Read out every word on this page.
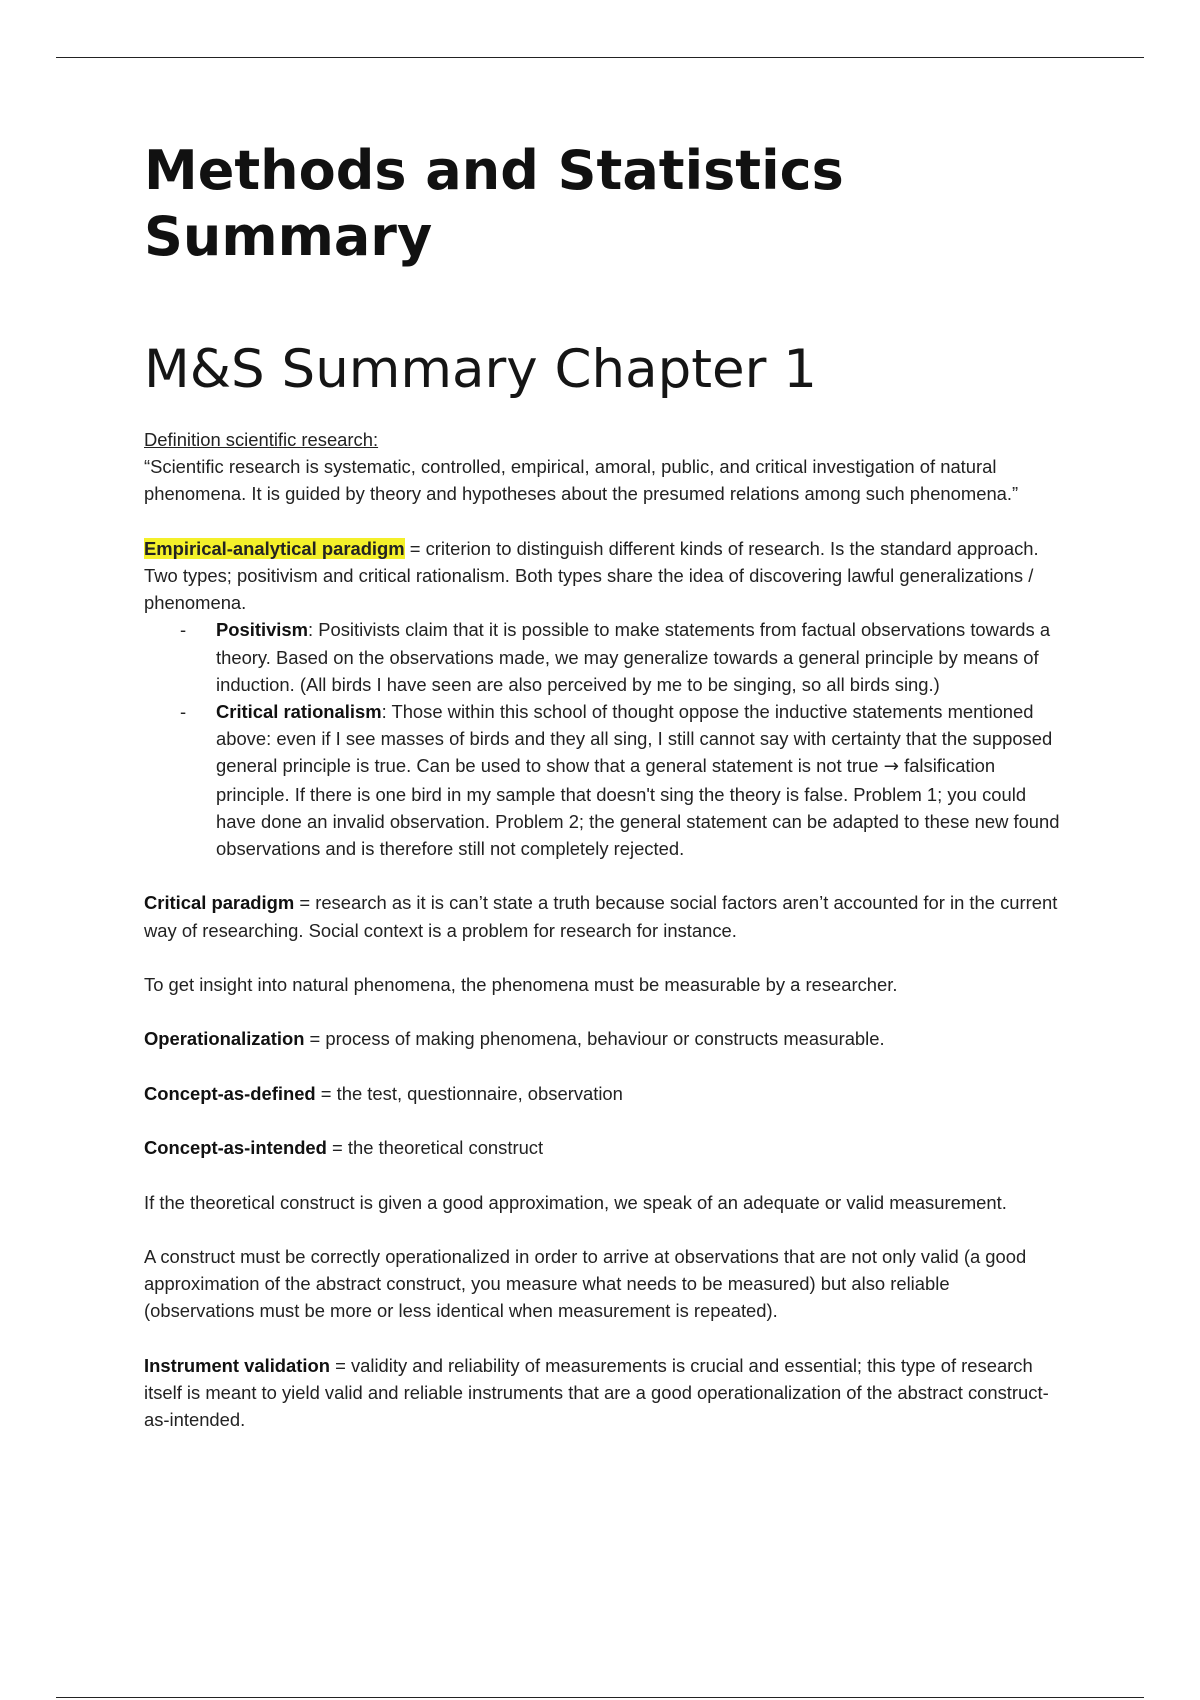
Methods and Statistics Summary
M&S Summary Chapter 1

Definition scientific research:
“Scientific research is systematic, controlled, empirical, amoral, public, and critical investigation of natural phenomena. It is guided by theory and hypotheses about the presumed relations among such phenomena.”

Empirical-analytical paradigm = criterion to distinguish different kinds of research. Is the standard approach. Two types; positivism and critical rationalism. Both types share the idea of discovering lawful generalizations / phenomena.
- Positivism: Positivists claim that it is possible to make statements from factual observations towards a theory. Based on the observations made, we may generalize towards a general principle by means of induction. (All birds I have seen are also perceived by me to be singing, so all birds sing.)
- Critical rationalism: Those within this school of thought oppose the inductive statements mentioned above: even if I see masses of birds and they all sing, I still cannot say with certainty that the supposed general principle is true. Can be used to show that a general statement is not true → falsification principle. If there is one bird in my sample that doesn't sing the theory is false. Problem 1; you could have done an invalid observation. Problem 2; the general statement can be adapted to these new found observations and is therefore still not completely rejected.

Critical paradigm = research as it is can’t state a truth because social factors aren’t accounted for in the current way of researching. Social context is a problem for research for instance.

To get insight into natural phenomena, the phenomena must be measurable by a researcher.

Operationalization = process of making phenomena, behaviour or constructs measurable.

Concept-as-defined = the test, questionnaire, observation

Concept-as-intended = the theoretical construct

If the theoretical construct is given a good approximation, we speak of an adequate or valid measurement.

A construct must be correctly operationalized in order to arrive at observations that are not only valid (a good approximation of the abstract construct, you measure what needs to be measured) but also reliable (observations must be more or less identical when measurement is repeated).

Instrument validation = validity and reliability of measurements is crucial and essential; this type of research itself is meant to yield valid and reliable instruments that are a good operationalization of the abstract construct-as-intended.
